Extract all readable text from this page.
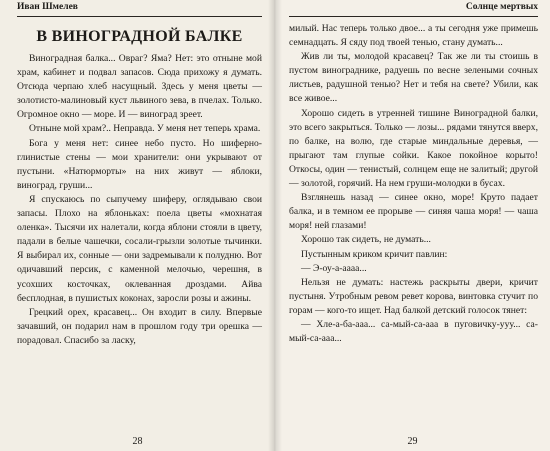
Иван Шмелев
В ВИНОГРАДНОЙ БАЛКЕ

Виноградная балка... Овраг? Яма? Нет: это отныне мой храм, кабинет и подвал запасов. Сюда прихожу я думать. Отсюда черпаю хлеб насущный. Здесь у меня цветы — золотисто-малиновый куст львиного зева, в пчелах. Только. Огромное окно — море. И — виноград зреет.

Отныне мой храм?.. Неправда. У меня нет теперь храма.

Бога у меня нет: синее небо пусто. Но шиферно-глинистые стены — мои хранители: они укрывают от пустыни. «Натюрморты» на них живут — яблоки, виноград, груши...

Я спускаюсь по сыпучему шиферу, оглядываю свои запасы. Плохо на яблоньках: поела цветы «мохнатая оленка». Тысячи их налетали, когда яблони стояли в цвету, падали в белые чашечки, сосали-грызли золотые тычинки. Я выбирал их, сонные — они задремывали к полудню. Вот одичавший персик, с каменной мелочью, черешня, в усохших косточках, оклеванная дроздами. Айва бесплодная, в пушистых коконах, заросли розы и ажины.

Грецкий орех, красавец... Он входит в силу. Впервые зачавший, он подарил нам в прошлом году три орешка — порадовал. Спасибо за ласку,

28
Солнце мертвых

милый. Нас теперь только двое... а ты сегодня уже примешь семнадцать. Я сяду под твоей тенью, стану думать...

Жив ли ты, молодой красавец? Так же ли ты стоишь в пустом винограднике, радуешь по весне зелеными сочных листьев, радушной тенью? Нет и тебя на свете? Убили, как все живое...

Хорошо сидеть в утренней тишине Виноградной балки, это всего закрыться. Только — лозы... рядами тянутся вверх, по балке, на волю, где старые миндальные деревья, — прыгают там глупые сойки. Какое покойное корыто! Откосы, один — тенистый, солнцем еще не залитый; другой — золотой, горячий. На нем груши-молодки в бусах.

Взглянешь назад — синее окно, море! Круто падает балка, и в темном ее прорыве — синяя чаша моря! — чаша моря! ней глазами!

Хорошо так сидеть, не думать...

Пустынным криком кричит павлин:

— Э-оу-а-аааа...

Нельзя не думать: настежь раскрыты двери, кричит пустыня. Утробным ревом ревет корова, винтовка стучит по горам — кого-то ищет. Над балкой детский голосок тянет:

— Хле-а-ба-ааа... са-мый-са-ааа в пуговичку-ууу... са-мый-са-ааа...

29
